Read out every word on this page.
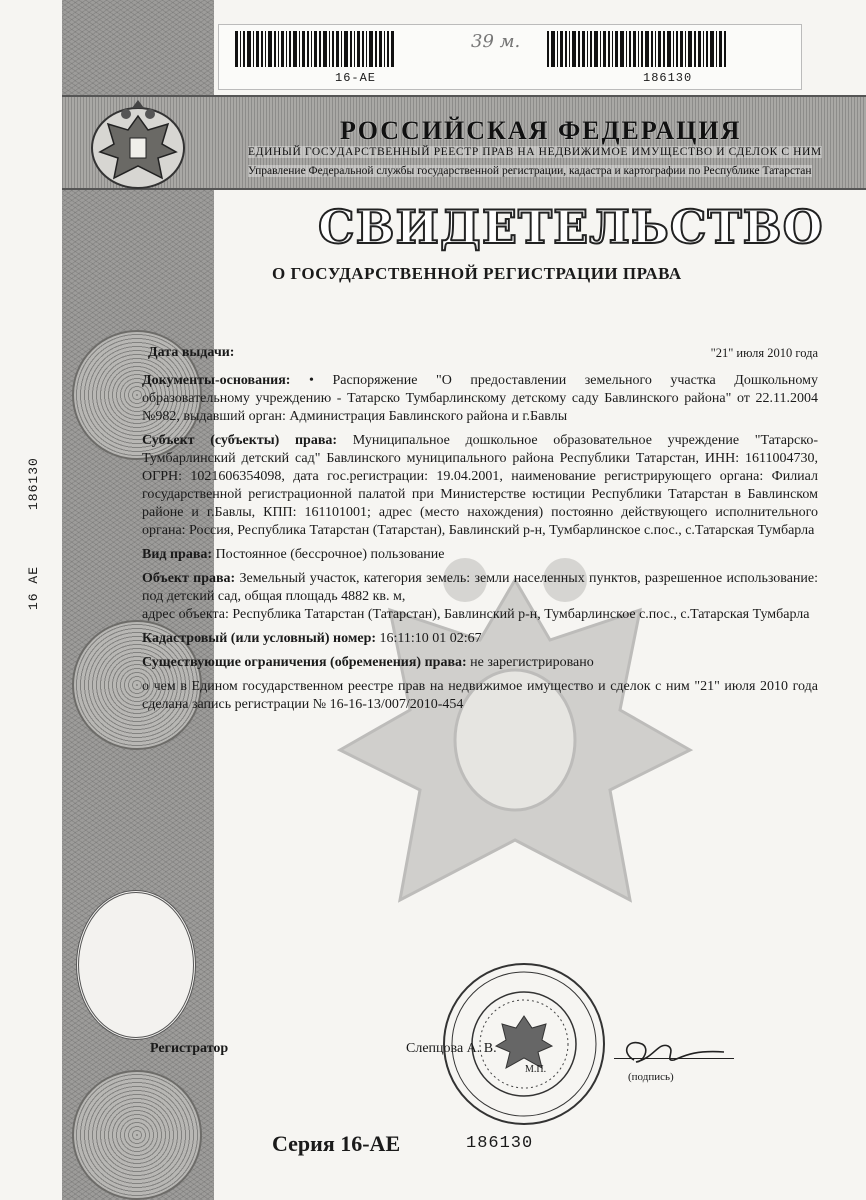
39 м.
16-AE	186130
РОССИЙСКАЯ ФЕДЕРАЦИЯ
ЕДИНЫЙ ГОСУДАРСТВЕННЫЙ РЕЕСТР ПРАВ НА НЕДВИЖИМОЕ ИМУЩЕСТВО И СДЕЛОК С НИМ
Управление Федеральной службы государственной регистрации, кадастра и картографии по Республике Татарстан
СВИДЕТЕЛЬСТВО
О ГОСУДАРСТВЕННОЙ РЕГИСТРАЦИИ ПРАВА
Дата выдачи:	"21" июля 2010 года
Документы-основания: • Распоряжение "О предоставлении земельного участка Дошкольному образовательному учреждению - Татарско Тумбарлинскому детскому саду Бавлинского района" от 22.11.2004 №982, выдавший орган: Администрация Бавлинского района и г.Бавлы
Субъект (субъекты) права: Муниципальное дошкольное образовательное учреждение "Татарско-Тумбарлинский детский сад" Бавлинского муниципального района Республики Татарстан, ИНН: 1611004730, ОГРН: 1021606354098, дата гос.регистрации: 19.04.2001, наименование регистрирующего органа: Филиал государственной регистрационной палатой при Министерстве юстиции Республики Татарстан в Бавлинском районе и г.Бавлы, КПП: 161101001; адрес (место нахождения) постоянно действующего исполнительного органа: Россия, Республика Татарстан (Татарстан), Бавлинский р-н, Тумбарлинское с.пос., с.Татарская Тумбарла
Вид права: Постоянное (бессрочное) пользование
Объект права: Земельный участок, категория земель: земли населенных пунктов, разрешенное использование: под детский сад, общая площадь 4882 кв. м,
адрес объекта: Республика Татарстан (Татарстан), Бавлинский р-н, Тумбарлинское с.пос., с.Татарская Тумбарла
Кадастровый (или условный) номер: 16:11:10 01 02:67
Существующие ограничения (обременения) права: не зарегистрировано
о чем в Едином государственном реестре прав на недвижимое имущество и сделок с ним "21" июля 2010 года сделана запись регистрации № 16-16-13/007/2010-454
Регистратор	Слепцова А. В.
М.П.
(подпись)
Серия 16-АЕ	186130
16 АЕ
186130
